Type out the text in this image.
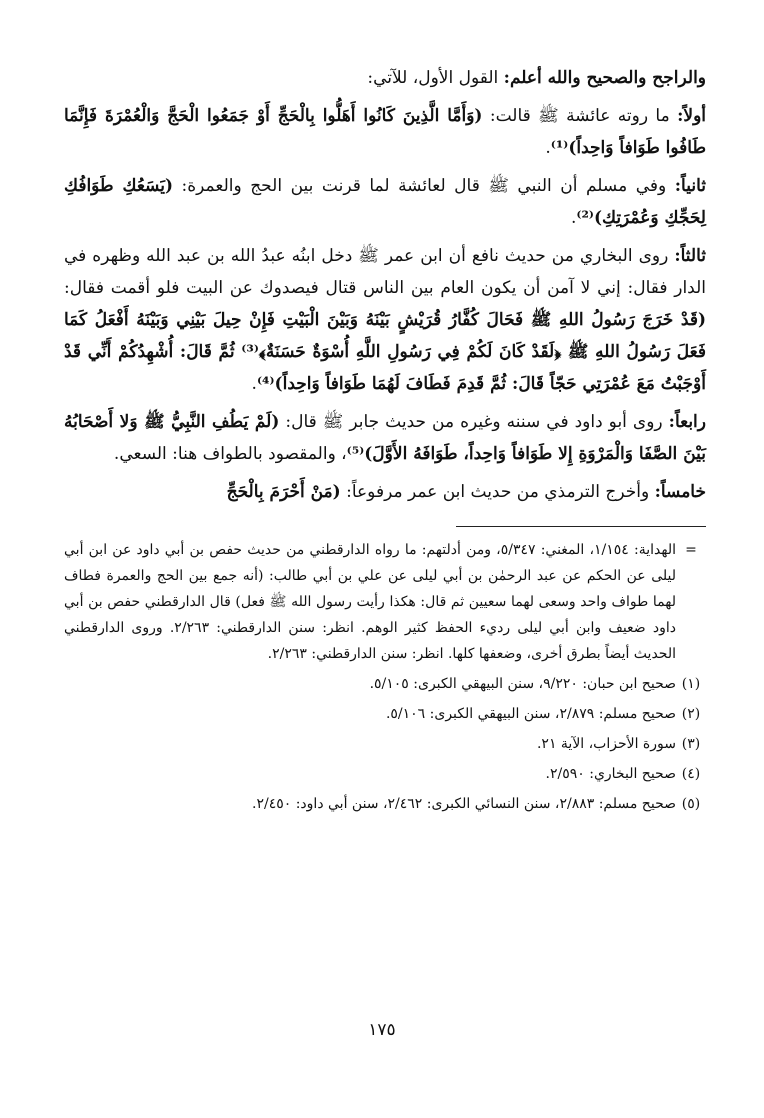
والراجح والصحيح والله أعلم: القول الأول، للآتي:

أولاً: ما روته عائشة ﷺ قالت: (وَأَمَّا الَّذِينَ كَانُوا أَهَلُّوا بِالْحَجِّ أَوْ جَمَعُوا الْحَجَّ وَالْعُمْرَةَ فَإِنَّمَا طَافُوا طَوَافاً وَاحِداً)⁽¹⁾.

ثانياً: وفي مسلم أن النبي ﷺ قال لعائشة لما قرنت بين الحج والعمرة: (يَسَعُكِ طَوَافُكِ لِحَجِّكِ وَعُمْرَتِكِ)⁽²⁾.

ثالثاً: روى البخاري من حديث نافع أن ابن عمر ﷺ دخل ابنُه عبدُ الله بن عبد الله وظهره في الدار فقال: إني لا آمن أن يكون العام بين الناس قتال فيصدوك عن البيت فلو أقمت فقال: (قَدْ خَرَجَ رَسُولُ اللهِ ﷺ فَحَالَ كُفَّارُ قُرَيْشٍ بَيْنَهُ وَبَيْنَ الْبَيْتِ فَإِنْ حِيلَ بَيْنِي وَبَيْنَهُ أَفْعَلُ كَمَا فَعَلَ رَسُولُ اللهِ ﷺ ﴿لَقَدْ كَانَ لَكُمْ فِي رَسُولِ اللَّهِ أُسْوَةٌ حَسَنَةٌ﴾⁽³⁾ ثُمَّ قَالَ: أُشْهِدُكُمْ أَنِّي قَدْ أَوْجَبْتُ مَعَ عُمْرَتِي حَجّاً قَالَ: ثُمَّ قَدِمَ فَطَافَ لَهُمَا طَوَافاً وَاحِداً)⁽⁴⁾.

رابعاً: روى أبو داود في سننه وغيره من حديث جابر ﷺ قال: (لَمْ يَطُفِ النَّبِيُّ ﷺ وَلا أَصْحَابُهُ بَيْنَ الصَّفَا وَالْمَرْوَةِ إِلا طَوَافاً وَاحِداً، طَوَافَهُ الأَوَّلَ)⁽⁵⁾، والمقصود بالطواف هنا: السعي.

خامساً: وأخرج الترمذي من حديث ابن عمر مرفوعاً: (مَنْ أَحْرَمَ بِالْحَجِّ

=
الهداية: ١/١٥٤، المغني: ٥/٣٤٧، ومن أدلتهم: ما رواه الدارقطني من حديث حفص بن أبي داود عن ابن أبي ليلى عن الحكم عن عبد الرحمٰن بن أبي ليلى عن علي بن أبي طالب: (أنه جمع بين الحج والعمرة فطاف لهما طواف واحد وسعى لهما سعيين ثم قال: هكذا رأيت رسول الله ﷺ فعل) قال الدارقطني حفص بن أبي داود ضعيف وابن أبي ليلى رديء الحفظ كثير الوهم. انظر: سنن الدارقطني: ٢/٢٦٣. وروى الدارقطني الحديث أيضاً بطرق أخرى، وضعفها كلها. انظر: سنن الدارقطني: ٢/٢٦٣.
(١)
صحيح ابن حبان: ٩/٢٢٠، سنن البيهقي الكبرى: ٥/١٠٥.
(٢)
صحيح مسلم: ٢/٨٧٩، سنن البيهقي الكبرى: ٥/١٠٦.
(٣)
سورة الأحزاب، الآية ٢١.
(٤)
صحيح البخاري: ٢/٥٩٠.
(٥)
صحيح مسلم: ٢/٨٨٣، سنن النسائي الكبرى: ٢/٤٦٢، سنن أبي داود: ٢/٤٥٠.
١٧٥
